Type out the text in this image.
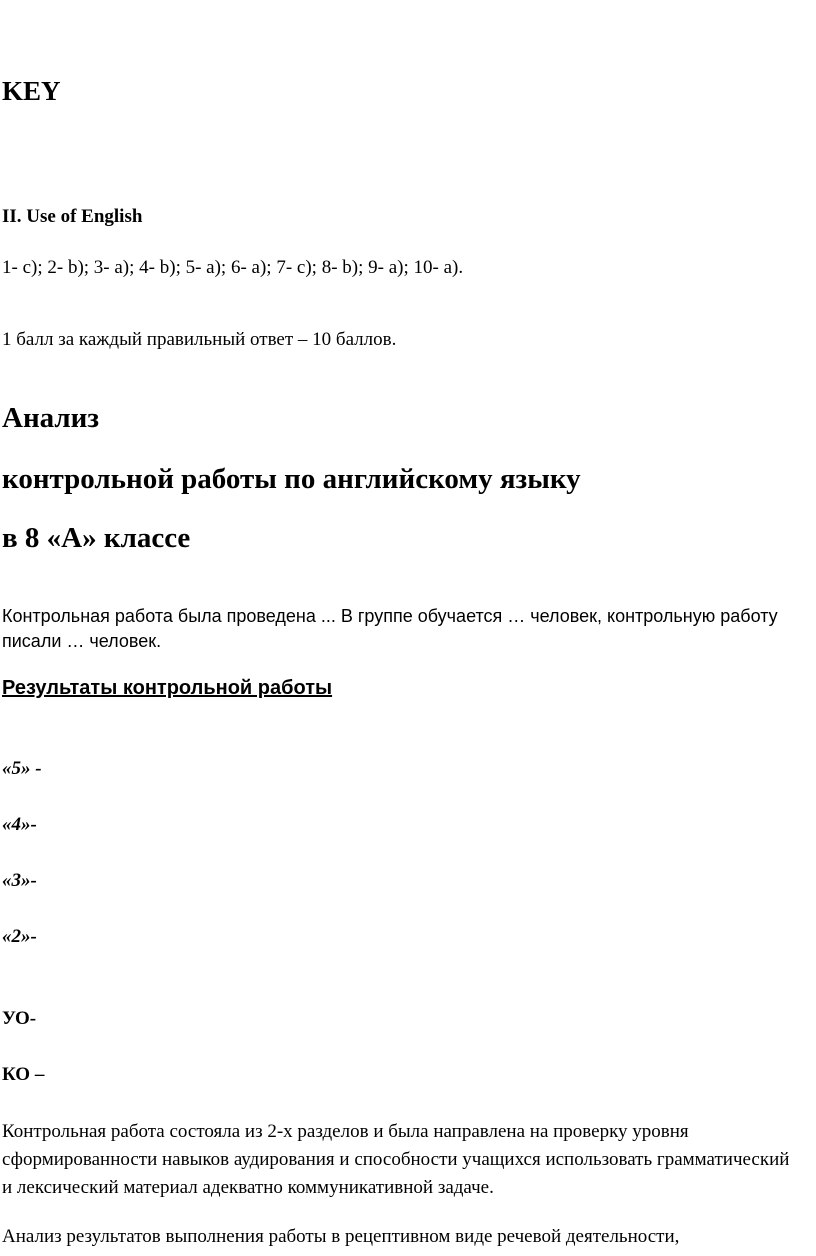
KEY
II. Use of English
1- c); 2- b); 3- a); 4- b); 5- a); 6- a); 7- c); 8- b); 9- a); 10- a).
1 балл за каждый правильный ответ – 10 баллов.
Анализ
контрольной работы по английскому языку
в 8 «А» классе
Контрольная работа была проведена ... В группе обучается … человек, контрольную работу писали … человек.
Результаты контрольной работы
«5» -
«4»-
«3»-
«2»-
УО-
КО –
Контрольная работа состояла из 2-х разделов и была направлена на проверку уровня сформированности навыков аудирования и способности учащихся использовать грамматический и лексический материал адекватно коммуникативной задаче.
Анализ результатов выполнения работы в рецептивном виде речевой деятельности,
